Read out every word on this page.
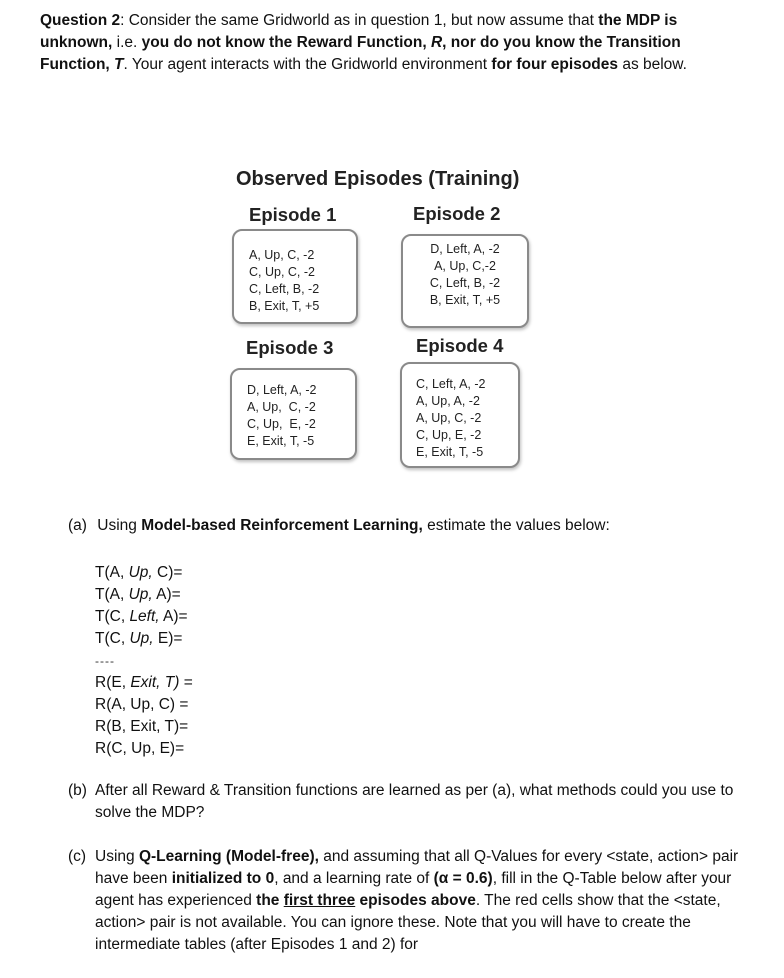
Question 2: Consider the same Gridworld as in question 1, but now assume that the MDP is unknown, i.e. you do not know the Reward Function, R, nor do you know the Transition Function, T. Your agent interacts with the Gridworld environment for four episodes as below.
Observed Episodes (Training)
Episode 1	Episode 2
Episode 3	Episode 4
A, Up, C, -2
C, Up, C, -2
C, Left, B, -2
B, Exit, T, +5
D, Left, A, -2
A, Up, C,-2
C, Left, B, -2
B, Exit, T, +5
D, Left, A, -2
A, Up,  C, -2
C, Up,  E, -2
E, Exit, T, -5
C, Left, A, -2
A, Up, A, -2
A, Up, C, -2
C, Up, E, -2
E, Exit, T, -5
(a) Using Model-based Reinforcement Learning, estimate the values below:
T(A, Up, C)=
T(A, Up, A)=
T(C, Left, A)=
T(C, Up, E)=
----
R(E, Exit, T) =
R(A, Up, C) =
R(B, Exit, T)=
R(C, Up, E)=
(b) After all Reward & Transition functions are learned as per (a), what methods could you use to solve the MDP?
(c) Using Q-Learning (Model-free), and assuming that all Q-Values for every <state, action> pair have been initialized to 0, and a learning rate of (α = 0.6), fill in the Q-Table below after your agent has experienced the first three episodes above. The red cells show that the <state, action> pair is not available. You can ignore these. Note that you will have to create the intermediate tables (after Episodes 1 and 2) for
